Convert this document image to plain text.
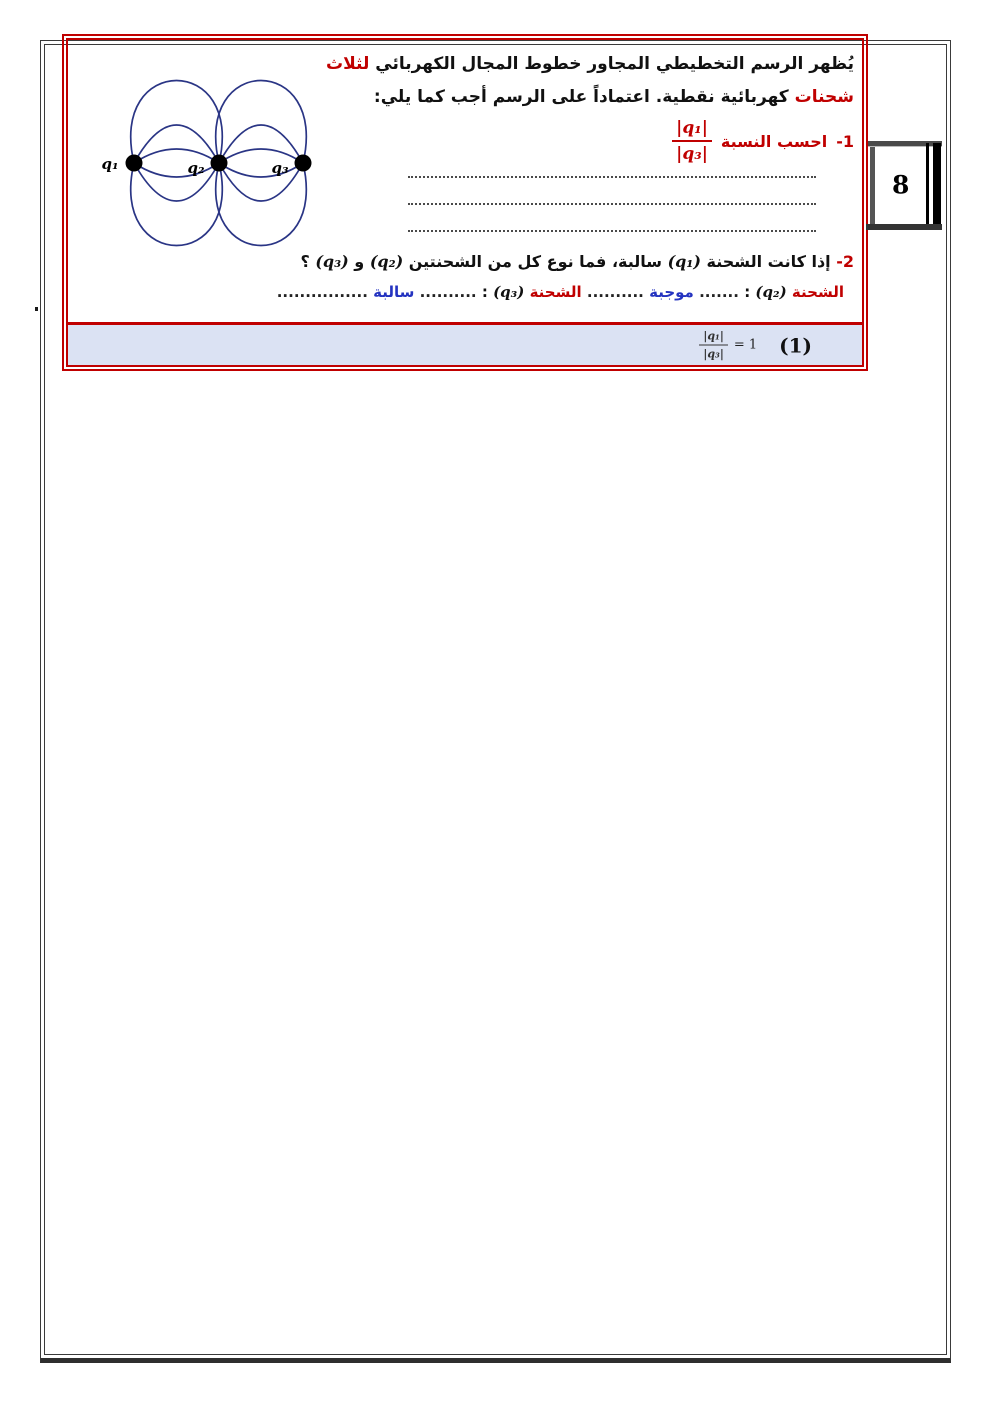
q₁	q₂	q₃
يُظهر الرسم التخطيطي المجاور خطوط المجال الكهربائي لثلاث
شحنات كهربائية نقطية. اعتماداً على الرسم أجب كما يلي:
1-
احسب النسبة
$\frac{\text{|q₁|}}{\text{|q₃|}}$
2- إذا كانت الشحنة (q₁) سالبة، فما نوع كل من الشحنتين (q₂) و (q₃) ؟
الشحنة (q₂) : ....... موجبة .......... الشحنة (q₃) : .......... سالبة ................
$\frac{\text{|q₁|}}{\text{|q₃|}} = 1$ (1)
8
